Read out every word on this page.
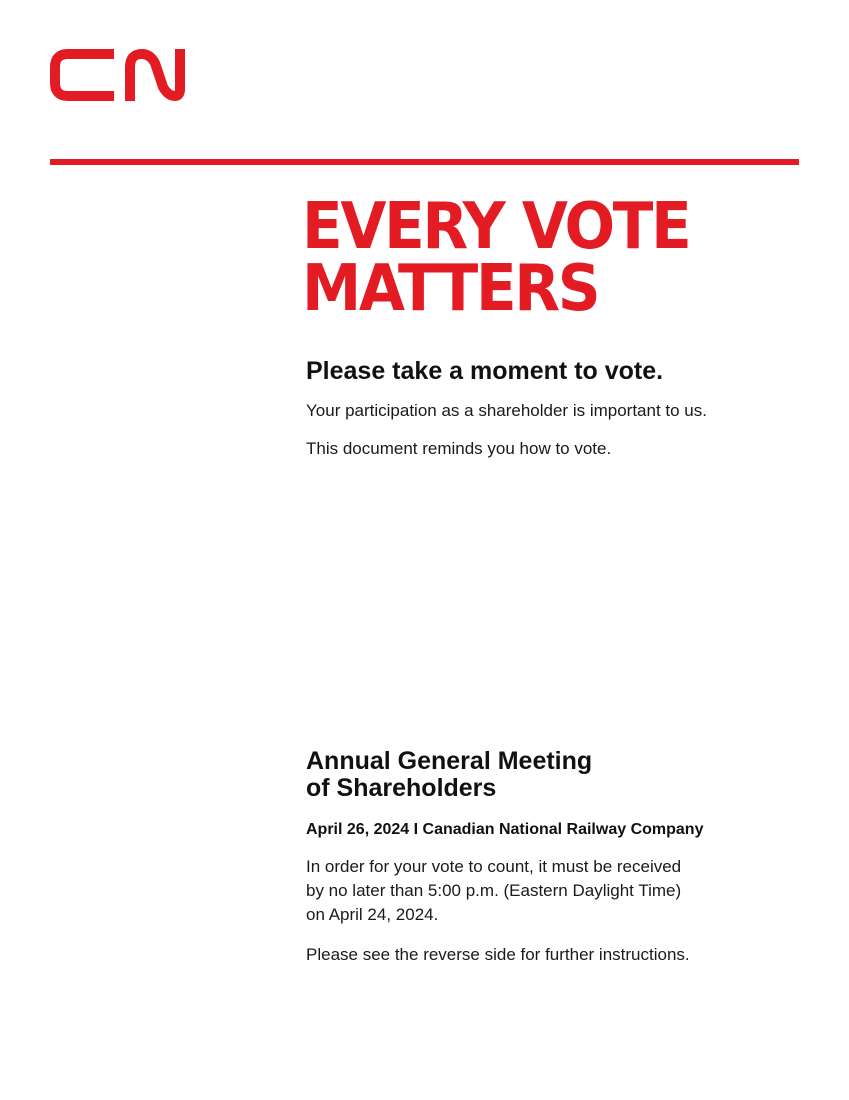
EVERY VOTE
MATTERS
Please take a moment to vote.

Your participation as a shareholder is important to us.

This document reminds you how to vote.

Annual General Meeting
of Shareholders

April 26, 2024 I Canadian National Railway Company

In order for your vote to count, it must be received
by no later than 5:00 p.m. (Eastern Daylight Time)
on April 24, 2024.

Please see the reverse side for further instructions.
